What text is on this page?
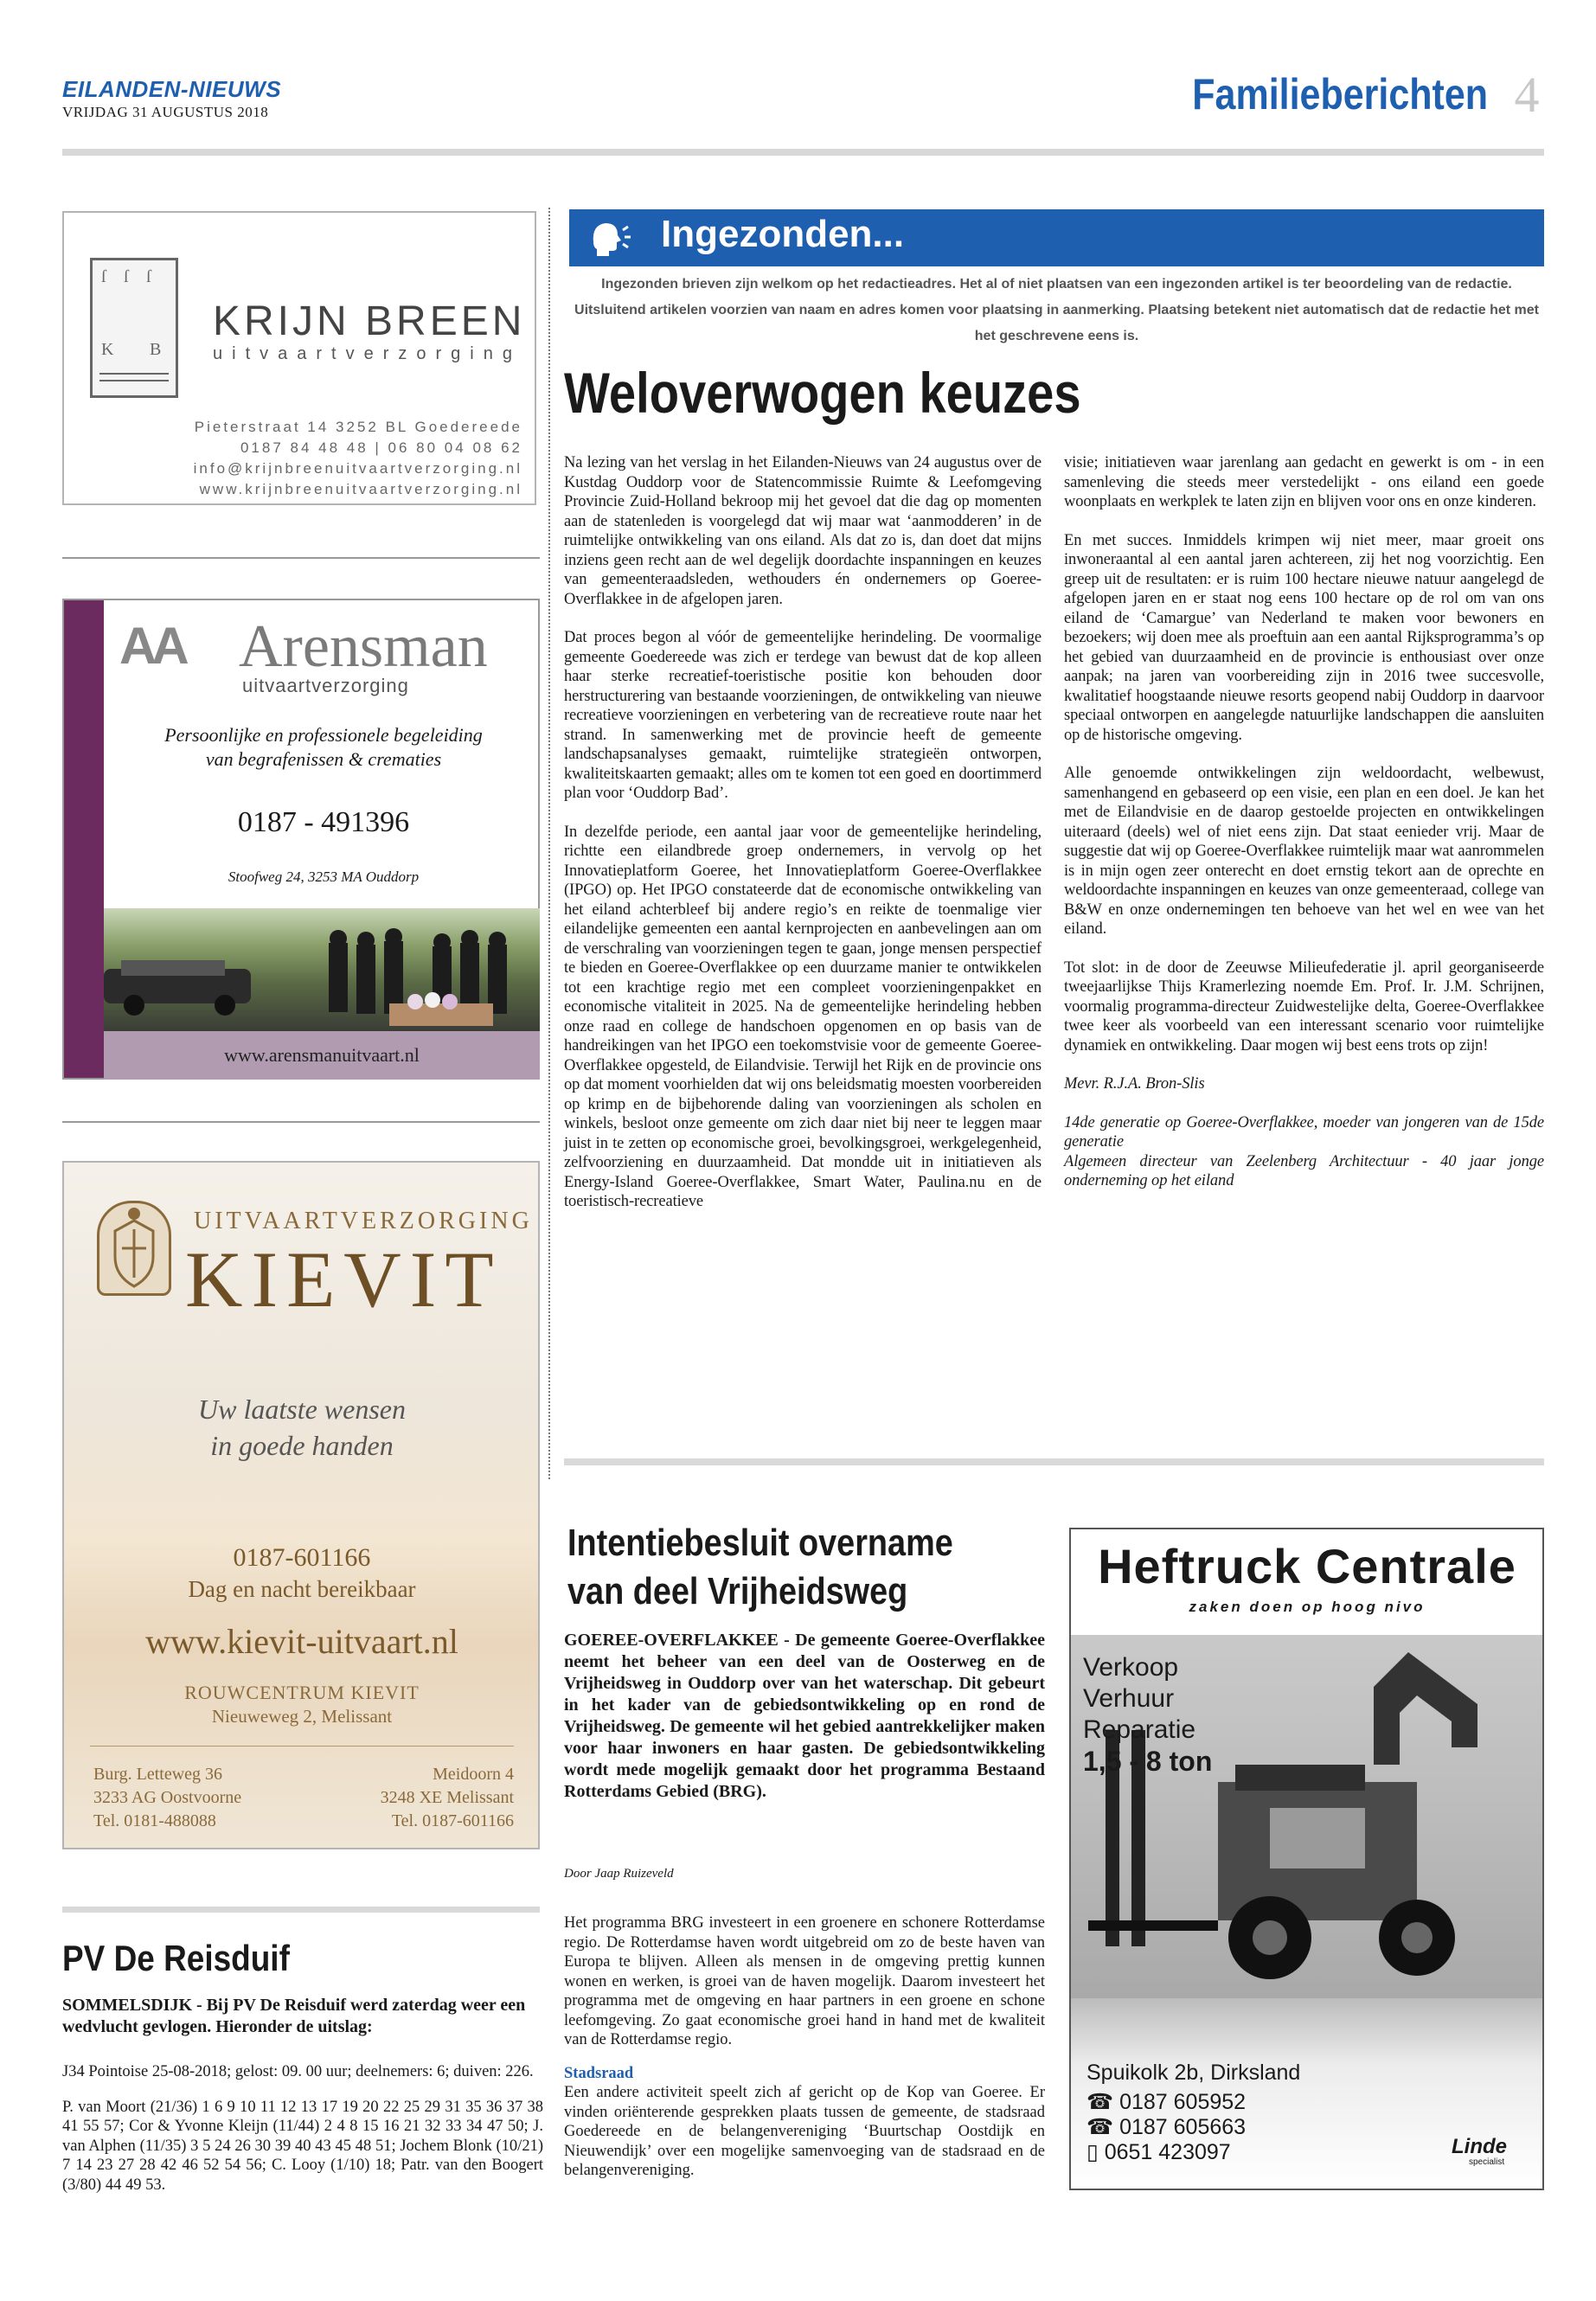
EILANDEN-NIEUWS
VRIJDAG 31 AUGUSTUS 2018	Familieberichten 4
ſ ſ ſ
K B
KRIJN BREEN
uitvaartverzorging
Pieterstraat 14 3252 BL Goedereede
0187 84 48 48 | 06 80 04 08 62
info@krijnbreenuitvaartverzorging.nl
www.krijnbreenuitvaartverzorging.nl
AA Arensman
uitvaartverzorging
Persoonlijke en professionele begeleiding
van begrafenissen & crematies
0187 - 491396
Stoofweg 24, 3253 MA Ouddorp
www.arensmanuitvaart.nl
UITVAARTVERZORGING
KIEVIT
Uw laatste wensen
in goede handen
0187-601166
Dag en nacht bereikbaar
www.kievit-uitvaart.nl
ROUWCENTRUM KIEVIT
Nieuweweg 2, Melissant
Burg. Letteweg 36
3233 AG Oostvoorne
Tel. 0181-488088
Meidoorn 4
3248 XE Melissant
Tel. 0187-601166
Ingezonden...
Ingezonden brieven zijn welkom op het redactieadres. Het al of niet plaatsen van een ingezonden artikel is ter beoordeling van de redactie. Uitsluitend artikelen voorzien van naam en adres komen voor plaatsing in aanmerking. Plaatsing betekent niet automatisch dat de redactie het met het geschrevene eens is.
Weloverwogen keuzes

Na lezing van het verslag in het Eilanden-Nieuws van 24 augustus over de Kustdag Ouddorp voor de Statencommissie Ruimte & Leefomgeving Provincie Zuid-Holland bekroop mij het gevoel dat die dag op momenten aan de statenleden is voorgelegd dat wij maar wat ‘aanmodderen’ in de ruimtelijke ontwikkeling van ons eiland. Als dat zo is, dan doet dat mijns inziens geen recht aan de wel degelijk doordachte inspanningen en keuzes van gemeenteraadsleden, wethouders én ondernemers op Goeree-Overflakkee in de afgelopen jaren.

Dat proces begon al vóór de gemeentelijke herindeling. De voormalige gemeente Goedereede was zich er terdege van bewust dat de kop alleen haar sterke recreatief-toeristische positie kon behouden door herstructurering van bestaande voorzieningen, de ontwikkeling van nieuwe recreatieve voorzieningen en verbetering van de recreatieve route naar het strand. In samenwerking met de provincie heeft de gemeente landschapsanalyses gemaakt, ruimtelijke strategieën ontworpen, kwaliteitskaarten gemaakt; alles om te komen tot een goed en doortimmerd plan voor ‘Ouddorp Bad’.

In dezelfde periode, een aantal jaar voor de gemeentelijke herindeling, richtte een eilandbrede groep ondernemers, in vervolg op het Innovatieplatform Goeree, het Innovatieplatform Goeree-Overflakkee (IPGO) op. Het IPGO constateerde dat de economische ontwikkeling van het eiland achterbleef bij andere regio’s en reikte de toenmalige vier eilandelijke gemeenten een aantal kernprojecten en aanbevelingen aan om de verschraling van voorzieningen tegen te gaan, jonge mensen perspectief te bieden en Goeree-Overflakkee op een duurzame manier te ontwikkelen tot een krachtige regio met een compleet voorzieningenpakket en economische vitaliteit in 2025. Na de gemeentelijke herindeling hebben onze raad en college de handschoen opgenomen en op basis van de handreikingen van het IPGO een toekomstvisie voor de gemeente Goeree-Overflakkee opgesteld, de Eilandvisie. Terwijl het Rijk en de provincie ons op dat moment voorhielden dat wij ons beleidsmatig moesten voorbereiden op krimp en de bijbehorende daling van voorzieningen als scholen en winkels, besloot onze gemeente om zich daar niet bij neer te leggen maar juist in te zetten op economische groei, bevolkingsgroei, werkgelegenheid, zelfvoorziening en duurzaamheid. Dat mondde uit in initiatieven als Energy-Island Goeree-Overflakkee, Smart Water, Paulina.nu en de toeristisch-recreatieve

visie; initiatieven waar jarenlang aan gedacht en gewerkt is om - in een samenleving die steeds meer verstedelijkt - ons eiland een goede woonplaats en werkplek te laten zijn en blijven voor ons en onze kinderen.

En met succes. Inmiddels krimpen wij niet meer, maar groeit ons inwoneraantal al een aantal jaren achtereen, zij het nog voorzichtig. Een greep uit de resultaten: er is ruim 100 hectare nieuwe natuur aangelegd de afgelopen jaren en er staat nog eens 100 hectare op de rol om van ons eiland de ‘Camargue’ van Nederland te maken voor bewoners en bezoekers; wij doen mee als proeftuin aan een aantal Rijksprogramma’s op het gebied van duurzaamheid en de provincie is enthousiast over onze aanpak; na jaren van voorbereiding zijn in 2016 twee succesvolle, kwalitatief hoogstaande nieuwe resorts geopend nabij Ouddorp in daarvoor speciaal ontworpen en aangelegde natuurlijke landschappen die aansluiten op de historische omgeving.

Alle genoemde ontwikkelingen zijn weldoordacht, welbewust, samenhangend en gebaseerd op een visie, een plan en een doel. Je kan het met de Eilandvisie en de daarop gestoelde projecten en ontwikkelingen uiteraard (deels) wel of niet eens zijn. Dat staat eenieder vrij. Maar de suggestie dat wij op Goeree-Overflakkee ruimtelijk maar wat aanrommelen is in mijn ogen zeer onterecht en doet ernstig tekort aan de oprechte en weldoordachte inspanningen en keuzes van onze gemeenteraad, college van B&W en onze ondernemingen ten behoeve van het wel en wee van het eiland.

Tot slot: in de door de Zeeuwse Milieufederatie jl. april georganiseerde tweejaarlijkse Thijs Kramerlezing noemde Em. Prof. Ir. J.M. Schrijnen, voormalig programma-directeur Zuidwestelijke delta, Goeree-Overflakkee twee keer als voorbeeld van een interessant scenario voor ruimtelijke dynamiek en ontwikkeling. Daar mogen wij best eens trots op zijn!

Mevr. R.J.A. Bron-Slis

14de generatie op Goeree-Overflakkee, moeder van jongeren van de 15de generatie
Algemeen directeur van Zeelenberg Architectuur - 40 jaar jonge onderneming op het eiland
Intentiebesluit overname van deel Vrijheidsweg
GOEREE-OVERFLAKKEE - De gemeente Goeree-Overflakkee neemt het beheer van een deel van de Oosterweg en de Vrijheidsweg in Ouddorp over van het waterschap. Dit gebeurt in het kader van de gebiedsontwikkeling op en rond de Vrijheidsweg. De gemeente wil het gebied aantrekkelijker maken voor haar inwoners en haar gasten. De gebiedsontwikkeling wordt mede mogelijk gemaakt door het programma Bestaand Rotterdams Gebied (BRG).
Door Jaap Ruizeveld

Het programma BRG investeert in een groenere en schonere Rotterdamse regio. De Rotterdamse haven wordt uitgebreid om zo de beste haven van Europa te blijven. Alleen als mensen in de omgeving prettig kunnen wonen en werken, is groei van de haven mogelijk. Daarom investeert het programma met de omgeving en haar partners in een groene en schone leefomgeving. Zo gaat economische groei hand in hand met de kwaliteit van de Rotterdamse regio.

Stadsraad

Een andere activiteit speelt zich af gericht op de Kop van Goeree. Er vinden oriënterende gesprekken plaats tussen de gemeente, de stadsraad Goedereede en de belangenvereniging ‘Buurtschap Oostdijk en Nieuwendijk’ over een mogelijke samenvoeging van de stadsraad en de belangenvereniging.

Heftruck Centrale
zaken doen op hoog nivo
Verkoop
Verhuur
Reparatie
1,5 - 8 ton
Spuikolk 2b, Dirksland
☎ 0187 605952
☎ 0187 605663
▯ 0651 423097	Linde
specialist
PV De Reisduif
SOMMELSDIJK - Bij PV De Reisduif werd zaterdag weer een wedvlucht gevlogen. Hieronder de uitslag:

J34 Pointoise 25-08-2018; gelost: 09. 00 uur; deelnemers: 6; duiven: 226.

P. van Moort (21/36) 1 6 9 10 11 12 13 17 19 20 22 25 29 31 35 36 37 38 41 55 57; Cor & Yvonne Kleijn (11/44) 2 4 8 15 16 21 32 33 34 47 50; J. van Alphen (11/35) 3 5 24 26 30 39 40 43 45 48 51; Jochem Blonk (10/21) 7 14 23 27 28 42 46 52 54 56; C. Looy (1/10) 18; Patr. van den Boogert (3/80) 44 49 53.
